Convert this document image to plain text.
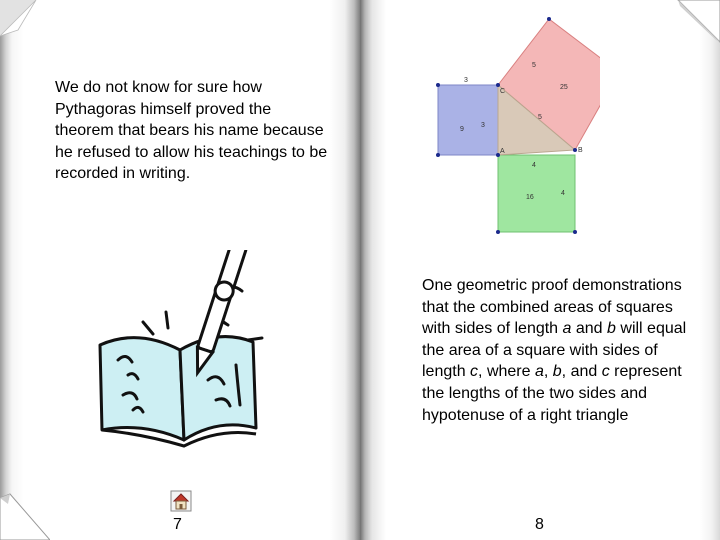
We do not know for sure how Pythagoras himself proved the theorem that bears his name because he refused to allow his teachings to be recorded in writing.

7
3
9
3
16
4
4
25
5
5
A	B
C

One geometric proof demonstrations that the combined areas of squares with sides of length a and b will equal the area of a square with sides of length c, where a, b, and c represent the lengths of the two sides and hypotenuse of a right triangle

8
